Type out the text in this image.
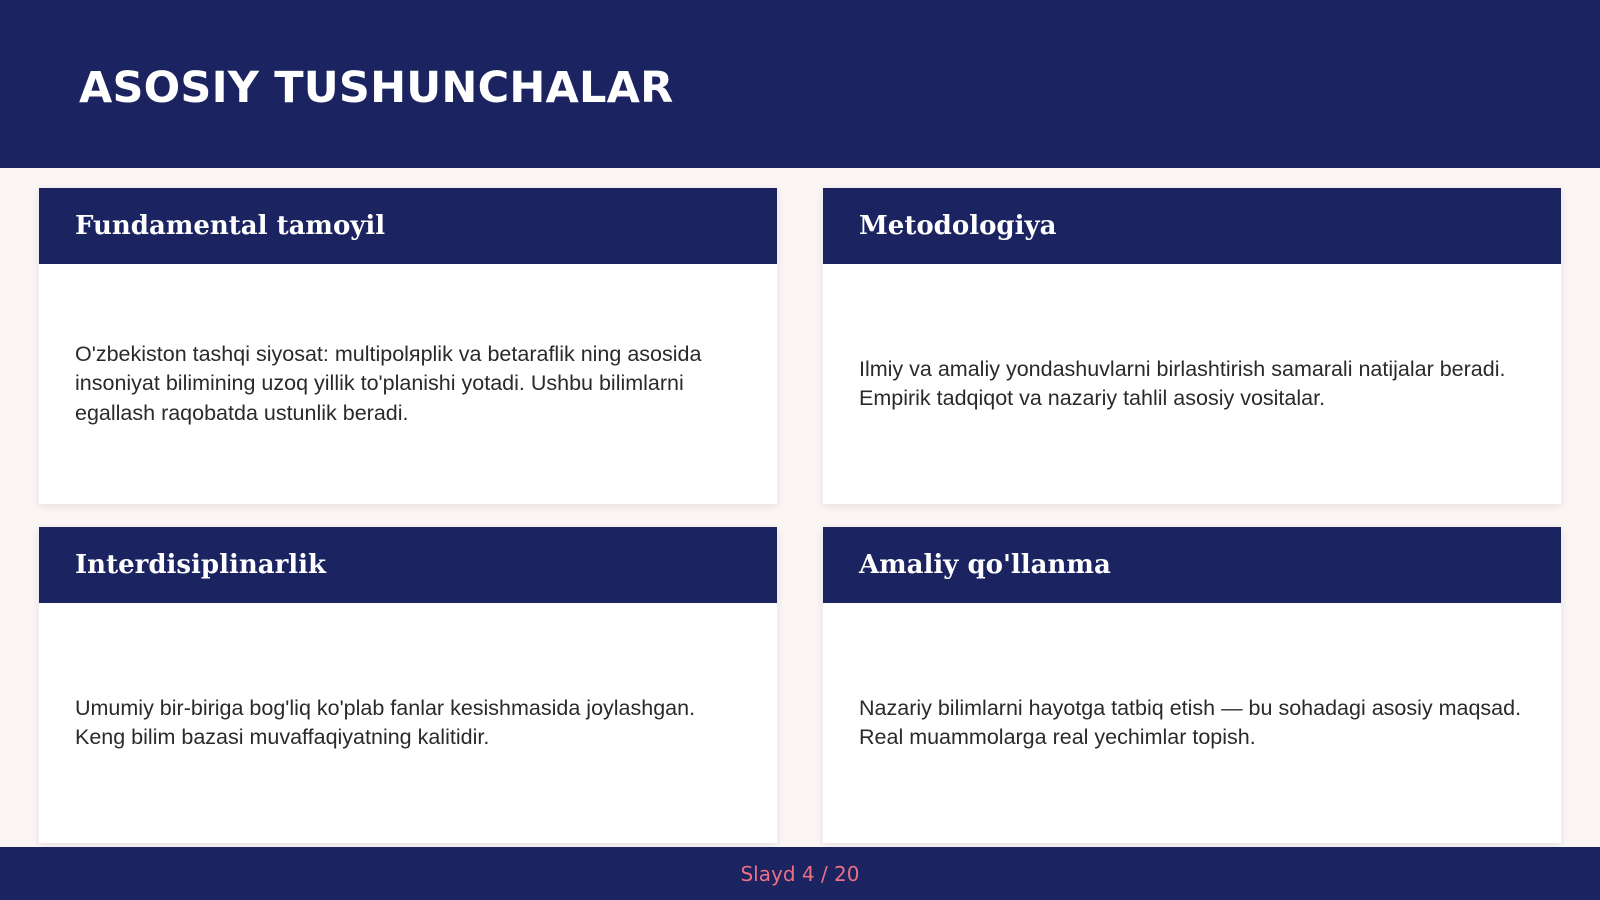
ASOSIY TUSHUNCHALAR
Fundamental tamoyil

O'zbekiston tashqi siyosat: multipolяplik va betaraflik ning asosida insoniyat bilimining uzoq yillik to'planishi yotadi. Ushbu bilimlarni egallash raqobatda ustunlik beradi.

Metodologiya

Ilmiy va amaliy yondashuvlarni birlashtirish samarali natijalar beradi. Empirik tadqiqot va nazariy tahlil asosiy vositalar.

Interdisiplinarlik

Umumiy bir-biriga bog'liq ko'plab fanlar kesishmasida joylashgan. Keng bilim bazasi muvaffaqiyatning kalitidir.

Amaliy qo'llanma

Nazariy bilimlarni hayotga tatbiq etish — bu sohadagi asosiy maqsad. Real muammolarga real yechimlar topish.

Slayd 4 / 20
